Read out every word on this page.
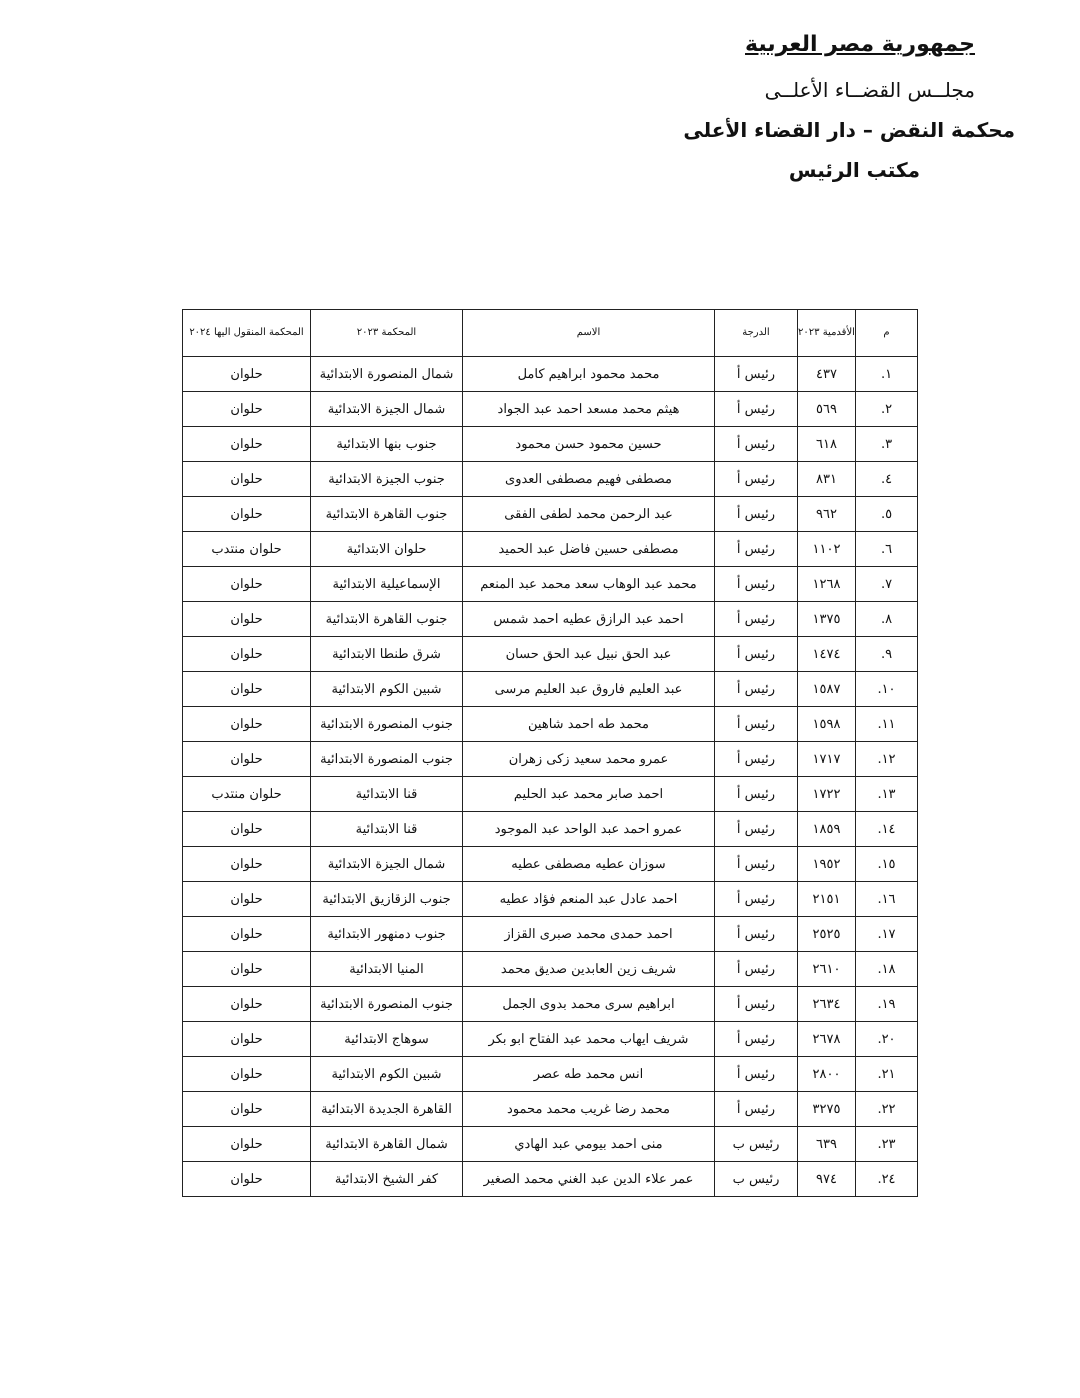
جمهورية مصر العربية
مجلــس القضــاء الأعلــى
محكمة النقض – دار القضاء الأعلى
مكتب الرئيس
م	الأقدمية ٢٠٢٣	الدرجة	الاسم	المحكمة ٢٠٢٣	المحكمة المنقول اليها ٢٠٢٤
١.	٤٣٧	رئيس أ	محمد محمود ابراهيم كامل	شمال المنصورة الابتدائية	حلوان
٢.	٥٦٩	رئيس أ	هيثم محمد مسعد احمد عبد الجواد	شمال الجيزة الابتدائية	حلوان
٣.	٦١٨	رئيس أ	حسين محمود حسن محمود	جنوب بنها الابتدائية	حلوان
٤.	٨٣١	رئيس أ	مصطفى فهيم مصطفى العدوى	جنوب الجيزة الابتدائية	حلوان
٥.	٩٦٢	رئيس أ	عبد الرحمن محمد لطفى الفقى	جنوب القاهرة الابتدائية	حلوان
٦.	١١٠٢	رئيس أ	مصطفى حسين فاضل عبد الحميد	حلوان الابتدائية	حلوان منتدب
٧.	١٢٦٨	رئيس أ	محمد عبد الوهاب سعد محمد عبد المنعم	الإسماعيلية الابتدائية	حلوان
٨.	١٣٧٥	رئيس أ	احمد عبد الرازق عطيه احمد شمس	جنوب القاهرة الابتدائية	حلوان
٩.	١٤٧٤	رئيس أ	عبد الحق نبيل عبد الحق حسان	شرق طنطا الابتدائية	حلوان
١٠.	١٥٨٧	رئيس أ	عبد العليم فاروق عبد العليم مرسى	شبين الكوم الابتدائية	حلوان
١١.	١٥٩٨	رئيس أ	محمد طه احمد شاهين	جنوب المنصورة الابتدائية	حلوان
١٢.	١٧١٧	رئيس أ	عمرو محمد سعيد زكى زهران	جنوب المنصورة الابتدائية	حلوان
١٣.	١٧٢٢	رئيس أ	احمد صابر محمد عبد الحليم	قنا الابتدائية	حلوان منتدب
١٤.	١٨٥٩	رئيس أ	عمرو احمد عبد الواحد عبد الموجود	قنا الابتدائية	حلوان
١٥.	١٩٥٢	رئيس أ	سوزان عطيه مصطفى عطيه	شمال الجيزة الابتدائية	حلوان
١٦.	٢١٥١	رئيس أ	احمد عادل عبد المنعم فؤاد عطيه	جنوب الزقازيق الابتدائية	حلوان
١٧.	٢٥٢٥	رئيس أ	احمد حمدى محمد صبرى القزاز	جنوب دمنهور الابتدائية	حلوان
١٨.	٢٦١٠	رئيس أ	شريف زين العابدين صديق محمد	المنيا الابتدائية	حلوان
١٩.	٢٦٣٤	رئيس أ	ابراهيم سرى محمد بدوى الجمل	جنوب المنصورة الابتدائية	حلوان
٢٠.	٢٦٧٨	رئيس أ	شريف ايهاب محمد عبد الفتاح ابو بكر	سوهاج الابتدائية	حلوان
٢١.	٢٨٠٠	رئيس أ	انس محمد طه عصر	شبين الكوم الابتدائية	حلوان
٢٢.	٣٢٧٥	رئيس أ	محمد رضا غريب محمد محمود	القاهرة الجديدة الابتدائية	حلوان
٢٣.	٦٣٩	رئيس ب	منى احمد بيومي عبد الهادي	شمال القاهرة الابتدائية	حلوان
٢٤.	٩٧٤	رئيس ب	عمر علاء الدين عبد الغني محمد الصغير	كفر الشيخ الابتدائية	حلوان
